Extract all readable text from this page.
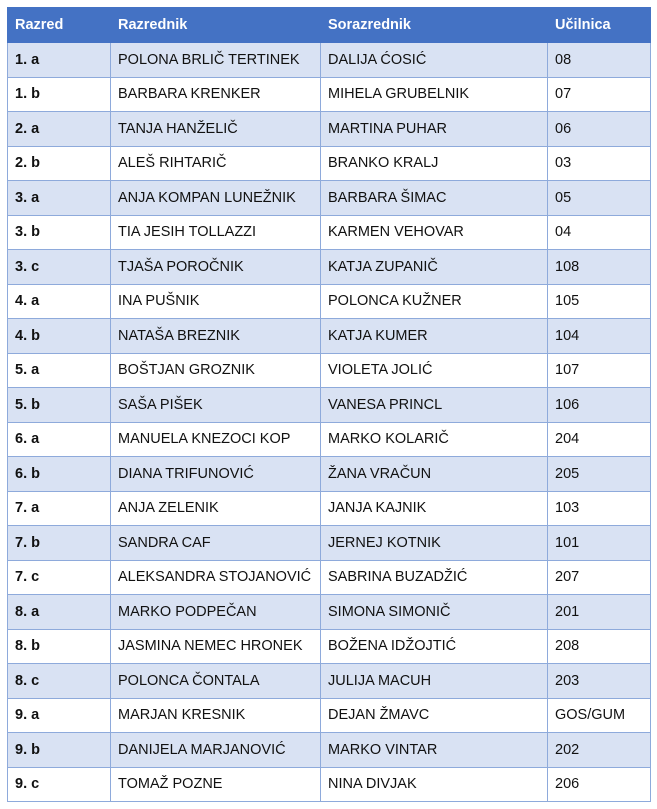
Razred	Razrednik	Sorazrednik	Učilnica
1. a	POLONA BRLIČ TERTINEK	DALIJA ĆOSIĆ	08
1. b	BARBARA KRENKER	MIHELA GRUBELNIK	07
2. a	TANJA HANŽELIČ	MARTINA PUHAR	06
2. b	ALEŠ RIHTARIČ	BRANKO KRALJ	03
3. a	ANJA KOMPAN LUNEŽNIK	BARBARA ŠIMAC	05
3. b	TIA JESIH TOLLAZZI	KARMEN VEHOVAR	04
3. c	TJAŠA POROČNIK	KATJA ZUPANIČ	108
4. a	INA PUŠNIK	POLONCA KUŽNER	105
4. b	NATAŠA BREZNIK	KATJA KUMER	104
5. a	BOŠTJAN GROZNIK	VIOLETA JOLIĆ	107
5. b	SAŠA PIŠEK	VANESA PRINCL	106
6. a	MANUELA KNEZOCI KOP	MARKO KOLARIČ	204
6. b	DIANA TRIFUNOVIĆ	ŽANA VRAČUN	205
7. a	ANJA ZELENIK	JANJA KAJNIK	103
7. b	SANDRA CAF	JERNEJ KOTNIK	101
7. c	ALEKSANDRA STOJANOVIĆ	SABRINA BUZADŽIĆ	207
8. a	MARKO PODPEČAN	SIMONA SIMONIČ	201
8. b	JASMINA NEMEC HRONEK	BOŽENA IDŽOJTIĆ	208
8. c	POLONCA ČONTALA	JULIJA MACUH	203
9. a	MARJAN KRESNIK	DEJAN ŽMAVC	GOS/GUM
9. b	DANIJELA MARJANOVIĆ	MARKO VINTAR	202
9. c	TOMAŽ POZNE	NINA DIVJAK	206
